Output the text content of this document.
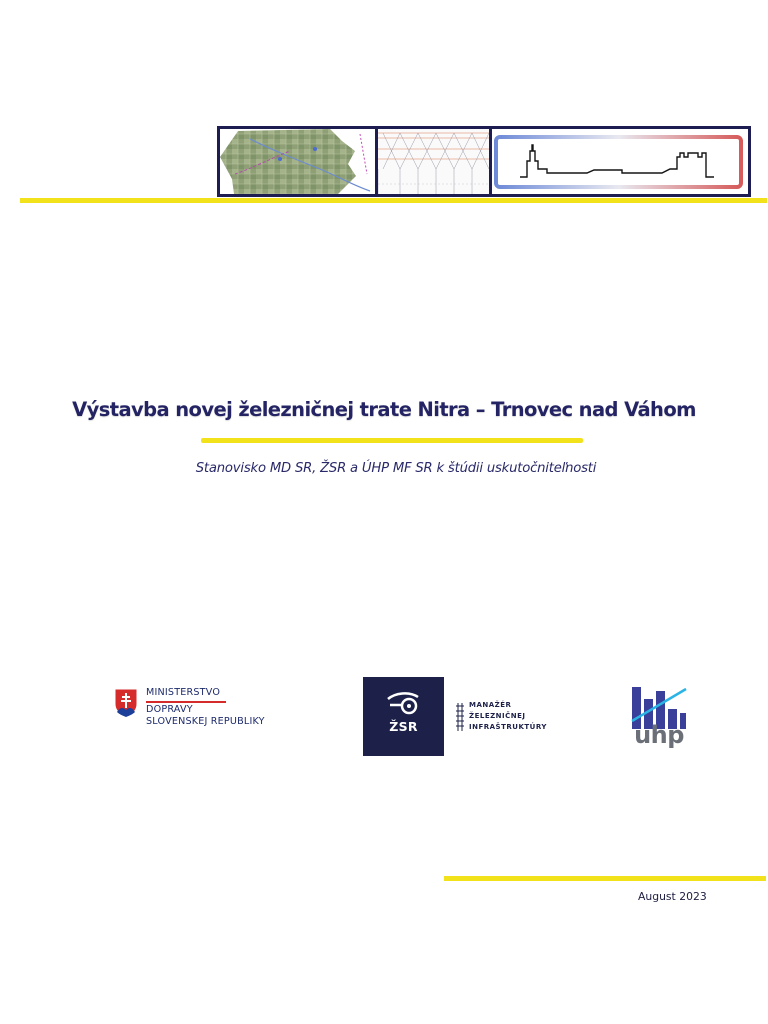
Výstavba novej železničnej trate Nitra – Trnovec nad Váhom
Stanovisko MD SR, ŽSR a ÚHP MF SR k štúdii uskutočniteľnosti
MINISTERSTVO
DOPRAVY
SLOVENSKEJ REPUBLIKY	ŽSR
MANAŽÉR
ŽELEZNIČNEJ
INFRAŠTRUKTÚRY	uhp
August 2023
